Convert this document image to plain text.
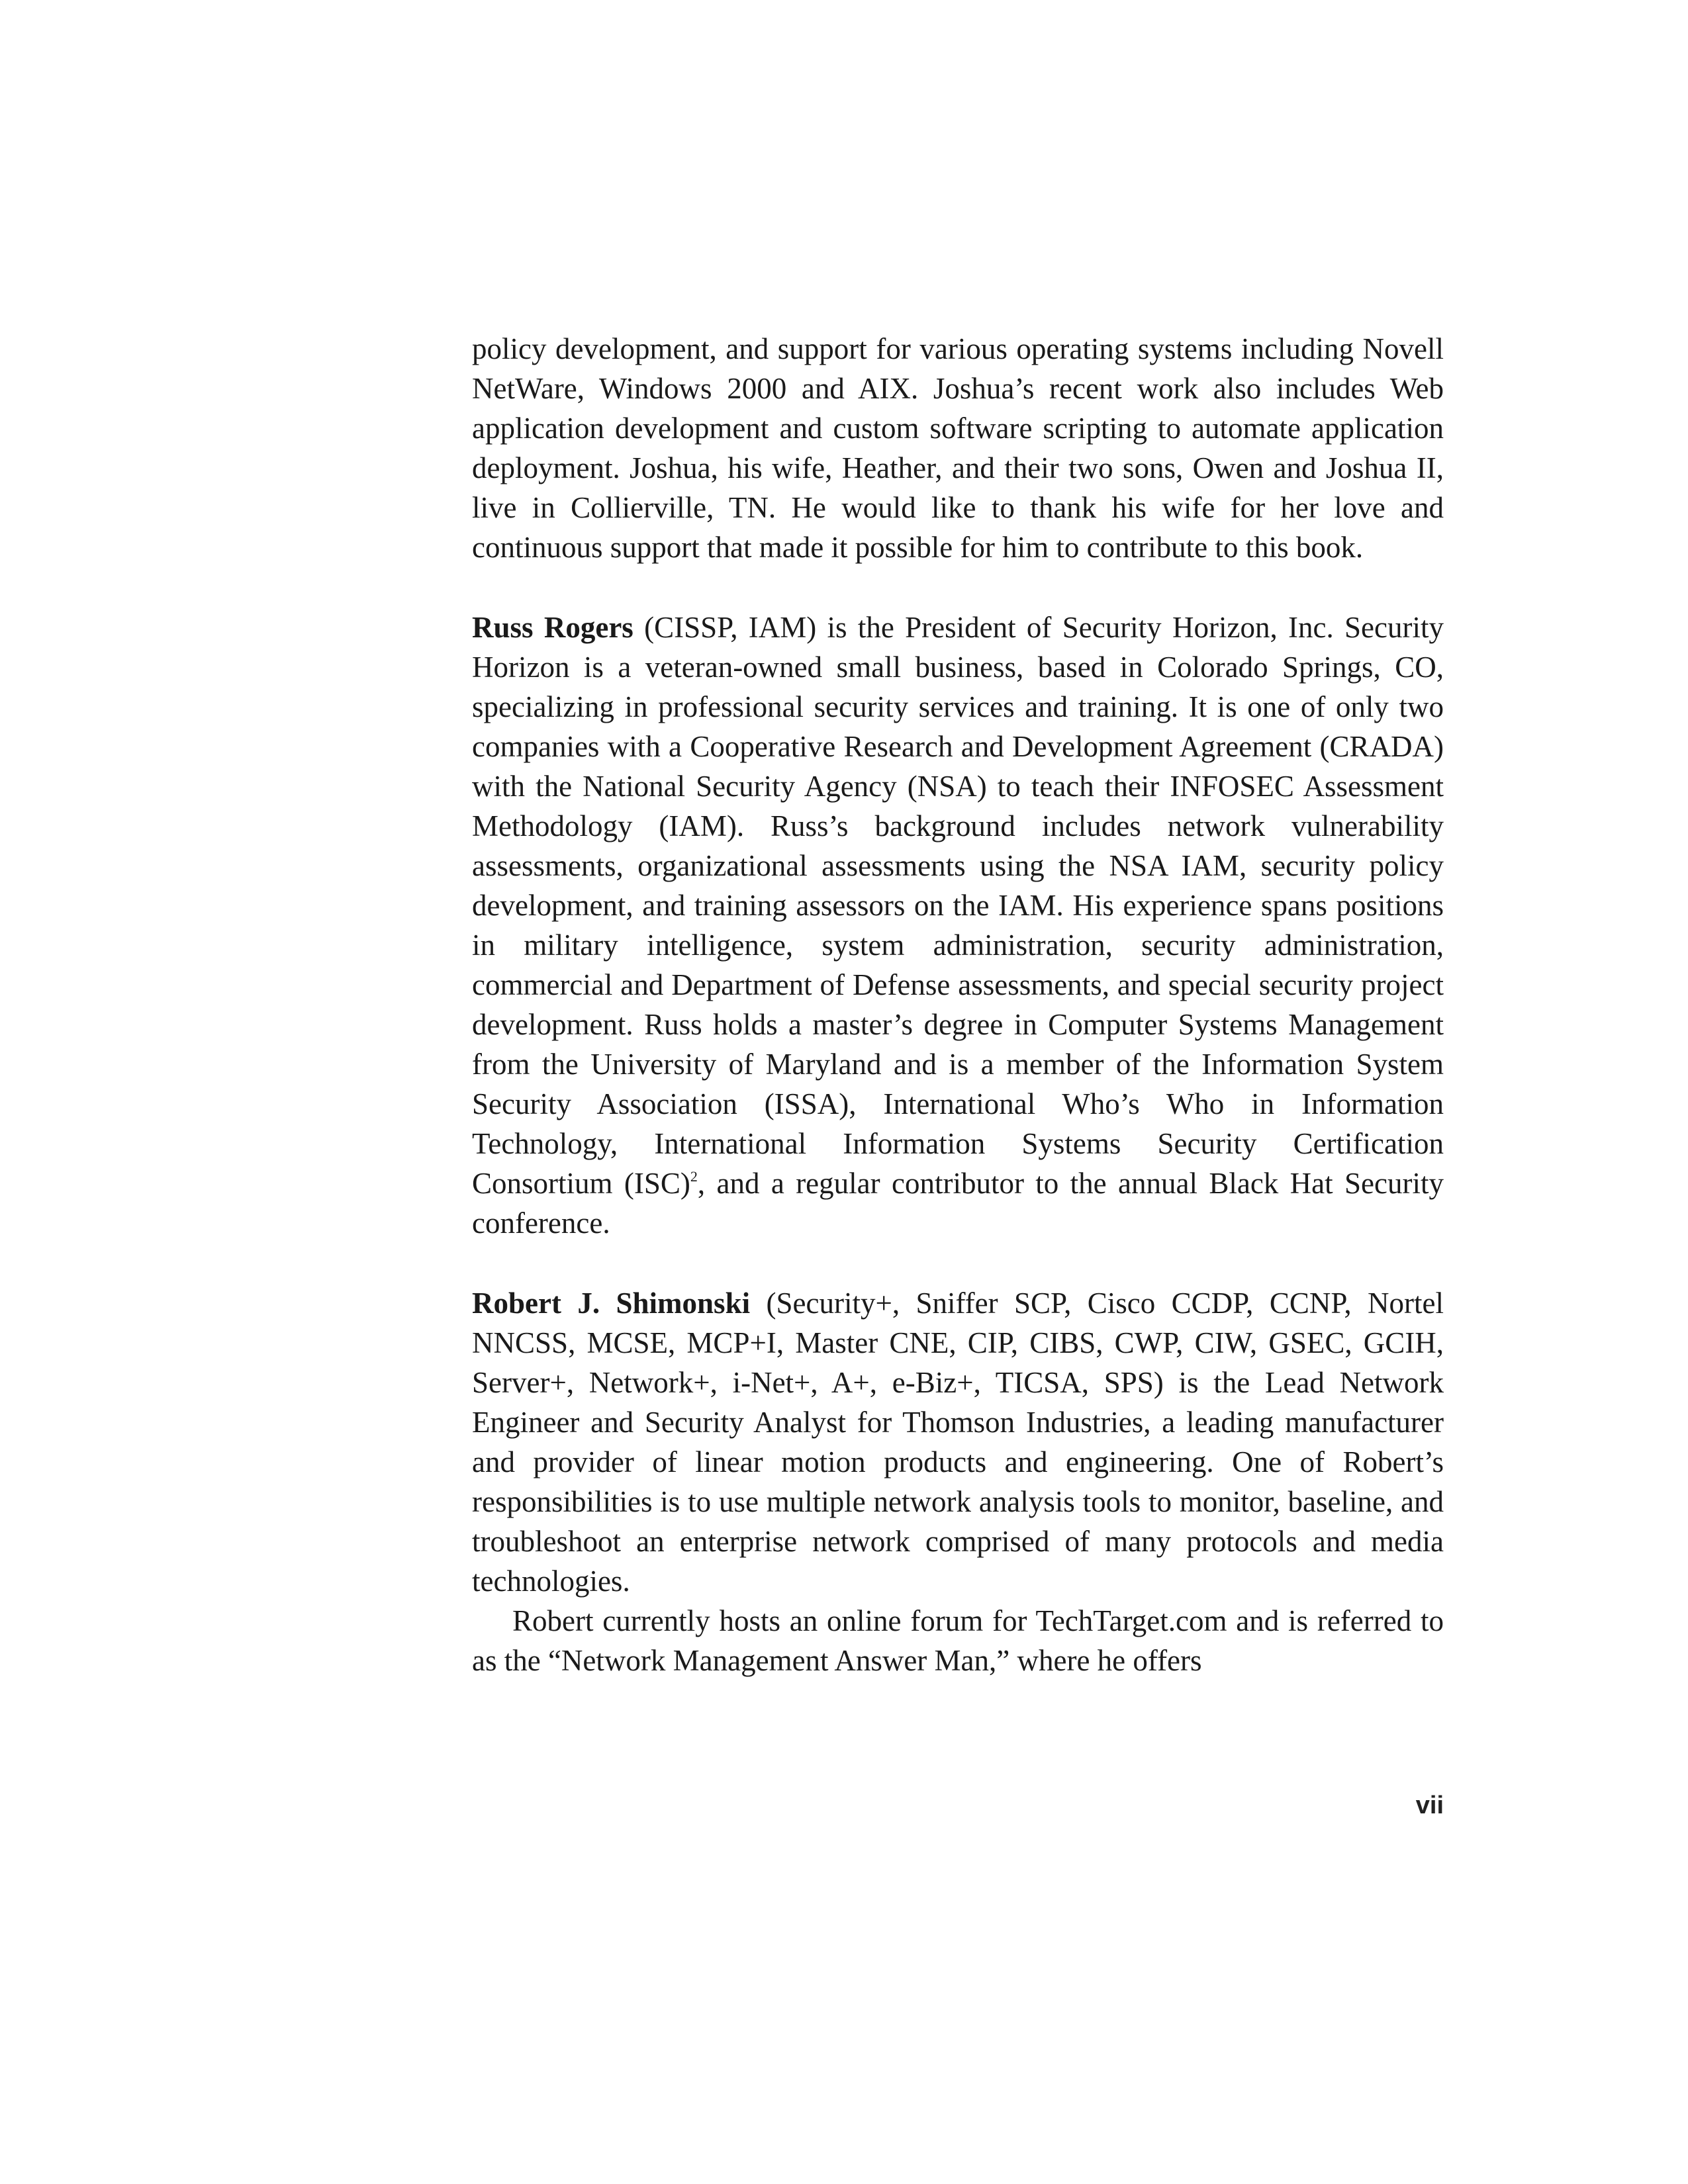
policy development, and support for various operating systems including Novell NetWare, Windows 2000 and AIX. Joshua’s recent work also includes Web application development and custom software scripting to automate application deployment. Joshua, his wife, Heather, and their two sons, Owen and Joshua II, live in Collierville, TN. He would like to thank his wife for her love and continuous support that made it possible for him to contribute to this book.

Russ Rogers (CISSP, IAM) is the President of Security Horizon, Inc. Security Horizon is a veteran-owned small business, based in Colorado Springs, CO, specializing in professional security services and training. It is one of only two companies with a Cooperative Research and Development Agreement (CRADA) with the National Security Agency (NSA) to teach their INFOSEC Assessment Methodology (IAM). Russ’s background includes network vulnerability assessments, organizational assessments using the NSA IAM, security policy development, and training assessors on the IAM. His experience spans positions in military intelligence, system administration, security administration, commercial and Department of Defense assessments, and special security project development. Russ holds a master’s degree in Computer Systems Management from the University of Maryland and is a member of the Information System Security Association (ISSA), International Who’s Who in Information Technology, International Information Systems Security Certification Consortium (ISC)$^2$, and a regular contributor to the annual Black Hat Security conference.

Robert J. Shimonski (Security+, Sniffer SCP, Cisco CCDP, CCNP, Nortel NNCSS, MCSE, MCP+I, Master CNE, CIP, CIBS, CWP, CIW, GSEC, GCIH, Server+, Network+, i-Net+, A+, e-Biz+, TICSA, SPS) is the Lead Network Engineer and Security Analyst for Thomson Industries, a leading manufacturer and provider of linear motion products and engineering. One of Robert’s responsibilities is to use multiple network analysis tools to monitor, baseline, and troubleshoot an enterprise network comprised of many protocols and media technologies.

Robert currently hosts an online forum for TechTarget.com and is referred to as the “Network Management Answer Man,” where he offers

vii
